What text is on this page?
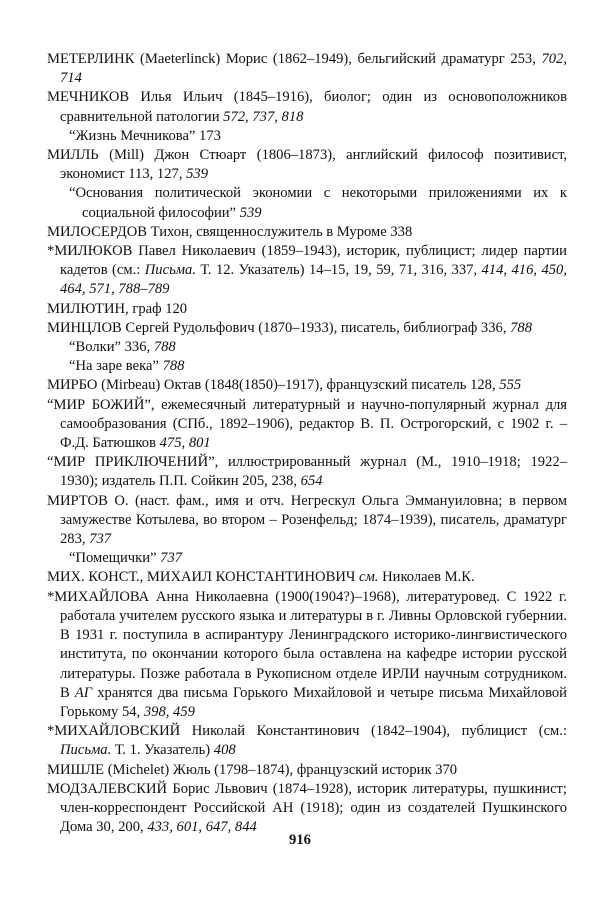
МЕТЕРЛИНК (Maeterlinck) Морис (1862–1949), бельгийский драматург 253, 702, 714
МЕЧНИКОВ Илья Ильич (1845–1916), биолог; один из основоположников сравнительной патологии 572, 737, 818
“Жизнь Мечникова” 173
МИЛЛЬ (Mill) Джон Стюарт (1806–1873), английский философ позитивист, экономист 113, 127, 539
“Основания политической экономии с некоторыми приложениями их к социальной философии” 539
МИЛОСЕРДОВ Тихон, священнослужитель в Муроме 338
*МИЛЮКОВ Павел Николаевич (1859–1943), историк, публицист; лидер партии кадетов (см.: Письма. Т. 12. Указатель) 14–15, 19, 59, 71, 316, 337, 414, 416, 450, 464, 571, 788–789
МИЛЮТИН, граф 120
МИНЦЛОВ Сергей Рудольфович (1870–1933), писатель, библиограф 336, 788
“Волки” 336, 788
“На заре века” 788
МИРБО (Mirbeau) Октав (1848(1850)–1917), французский писатель 128, 555
“МИР БОЖИЙ”, ежемесячный литературный и научно-популярный журнал для самообразования (СПб., 1892–1906), редактор В. П. Острогорский, с 1902 г. – Ф.Д. Батюшков 475, 801
“МИР ПРИКЛЮЧЕНИЙ”, иллюстрированный журнал (М., 1910–1918; 1922–1930); издатель П.П. Сойкин 205, 238, 654
МИРТОВ О. (наст. фам., имя и отч. Негрескул Ольга Эммануиловна; в первом замужестве Котылева, во втором – Розенфельд; 1874–1939), писатель, драматург 283, 737
“Помещички” 737
МИХ. КОНСТ., МИХАИЛ КОНСТАНТИНОВИЧ см. Николаев М.К.
*МИХАЙЛОВА Анна Николаевна (1900(1904?)–1968), литературовед. С 1922 г. работала учителем русского языка и литературы в г. Ливны Орловской губернии. В 1931 г. поступила в аспирантуру Ленинградского историко-лингвистического института, по окончании которого была оставлена на кафедре истории русской литературы. Позже работала в Рукописном отделе ИРЛИ научным сотрудником. В АГ хранятся два письма Горького Михайловой и четыре письма Михайловой Горькому 54, 398, 459
*МИХАЙЛОВСКИЙ Николай Константинович (1842–1904), публицист (см.: Письма. Т. 1. Указатель) 408
МИШЛЕ (Michelet) Жюль (1798–1874), французский историк 370
МОДЗАЛЕВСКИЙ Борис Львович (1874–1928), историк литературы, пушкинист; член-корреспондент Российской АН (1918); один из создателей Пушкинского Дома 30, 200, 433, 601, 647, 844
916
